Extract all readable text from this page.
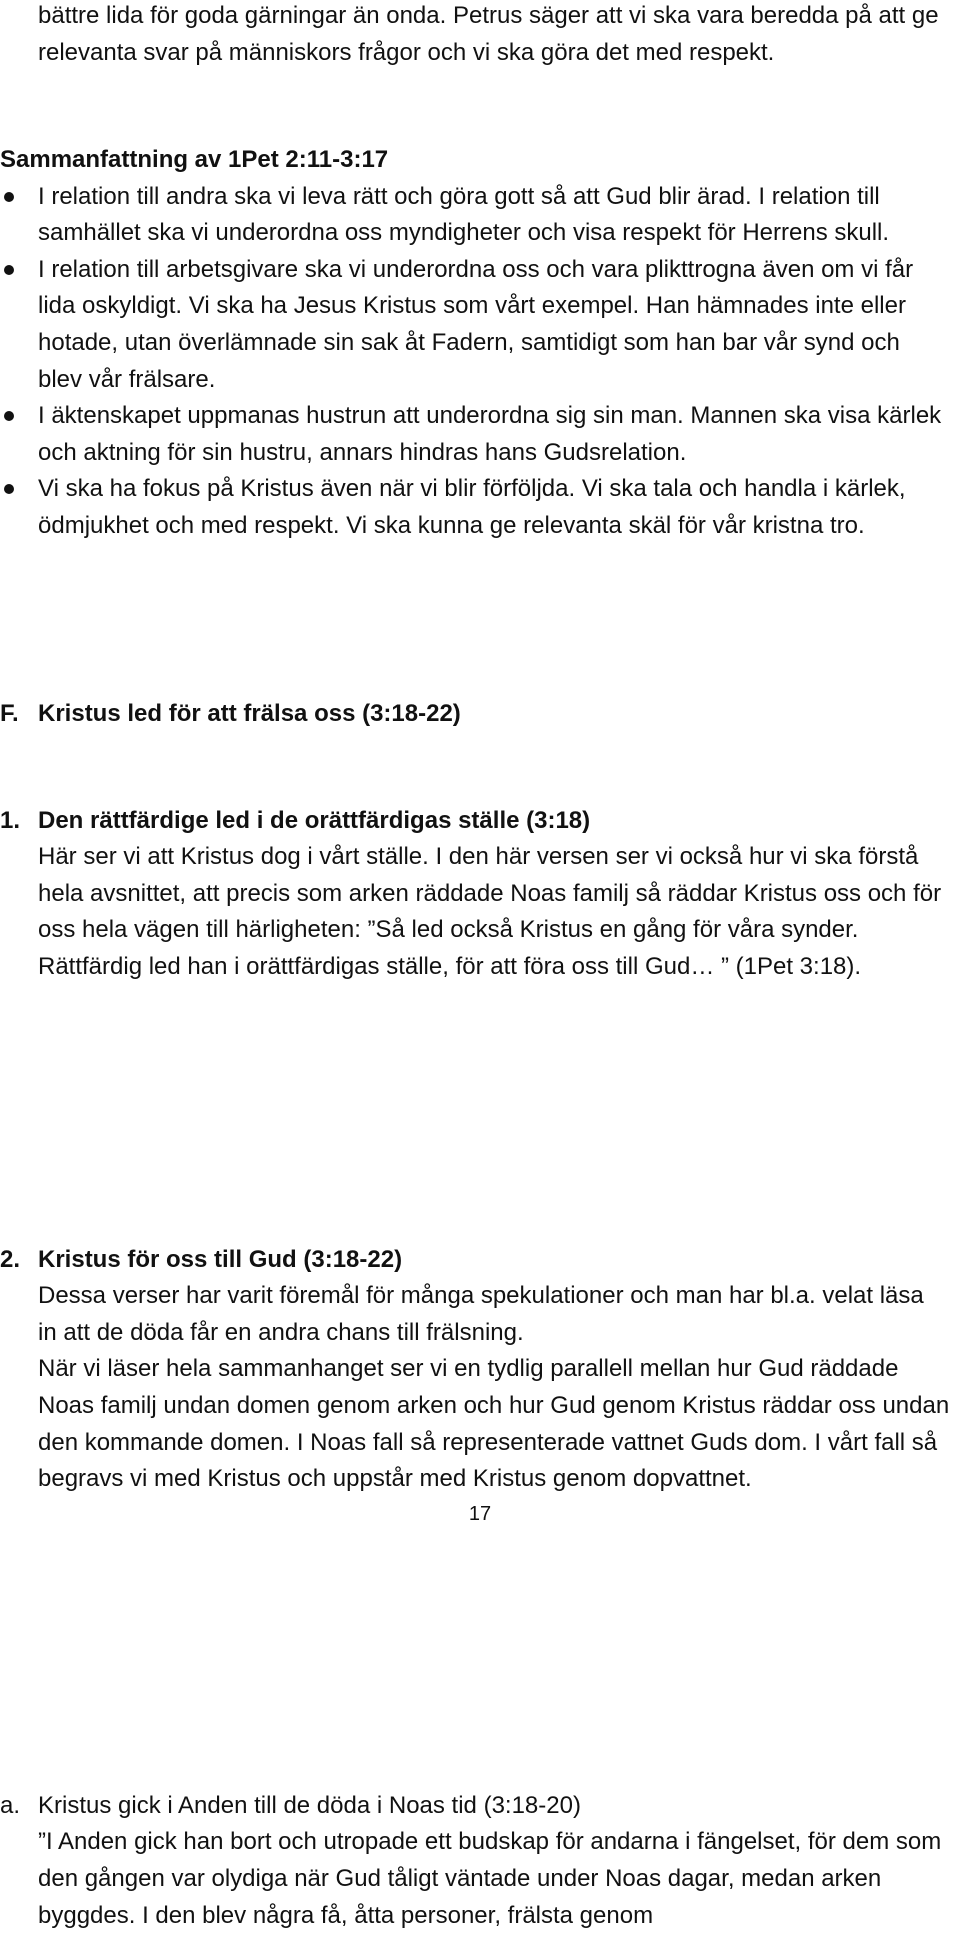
bättre lida för goda gärningar än onda. Petrus säger att vi ska vara beredda på att ge relevanta svar på människors frågor och vi ska göra det med respekt.

Sammanfattning av 1Pet 2:11-3:17

I relation till andra ska vi leva rätt och göra gott så att Gud blir ärad. I relation till samhället ska vi underordna oss myndigheter och visa respekt för Herrens skull.

I relation till arbetsgivare ska vi underordna oss och vara plikttrogna även om vi får lida oskyldigt. Vi ska ha Jesus Kristus som vårt exempel. Han hämnades inte eller hotade, utan överlämnade sin sak åt Fadern, samtidigt som han bar vår synd och blev vår frälsare.

I äktenskapet uppmanas hustrun att underordna sig sin man. Mannen ska visa kärlek och aktning för sin hustru, annars hindras hans Gudsrelation.

Vi ska ha fokus på Kristus även när vi blir förföljda. Vi ska tala och handla i kärlek, ödmjukhet och med respekt. Vi ska kunna ge relevanta skäl för vår kristna tro.

F. Kristus led för att frälsa oss (3:18-22)

1. Den rättfärdige led i de orättfärdigas ställe (3:18)

Här ser vi att Kristus dog i vårt ställe. I den här versen ser vi också hur vi ska förstå hela avsnittet, att precis som arken räddade Noas familj så räddar Kristus oss och för oss hela vägen till härligheten: ”Så led också Kristus en gång för våra synder. Rättfärdig led han i orättfärdigas ställe, för att föra oss till Gud… ” (1Pet 3:18).

2. Kristus för oss till Gud (3:18-22)

Dessa verser har varit föremål för många spekulationer och man har bl.a. velat läsa in att de döda får en andra chans till frälsning.

När vi läser hela sammanhanget ser vi en tydlig parallell mellan hur Gud räddade Noas familj undan domen genom arken och hur Gud genom Kristus räddar oss undan den kommande domen. I Noas fall så representerade vattnet Guds dom. I vårt fall så begravs vi med Kristus och uppstår med Kristus genom dopvattnet.

a. Kristus gick i Anden till de döda i Noas tid (3:18-20)

”I Anden gick han bort och utropade ett budskap för andarna i fängelset, för dem som den gången var olydiga när Gud tåligt väntade under Noas dagar, medan arken byggdes. I den blev några få, åtta personer, frälsta genom

17
